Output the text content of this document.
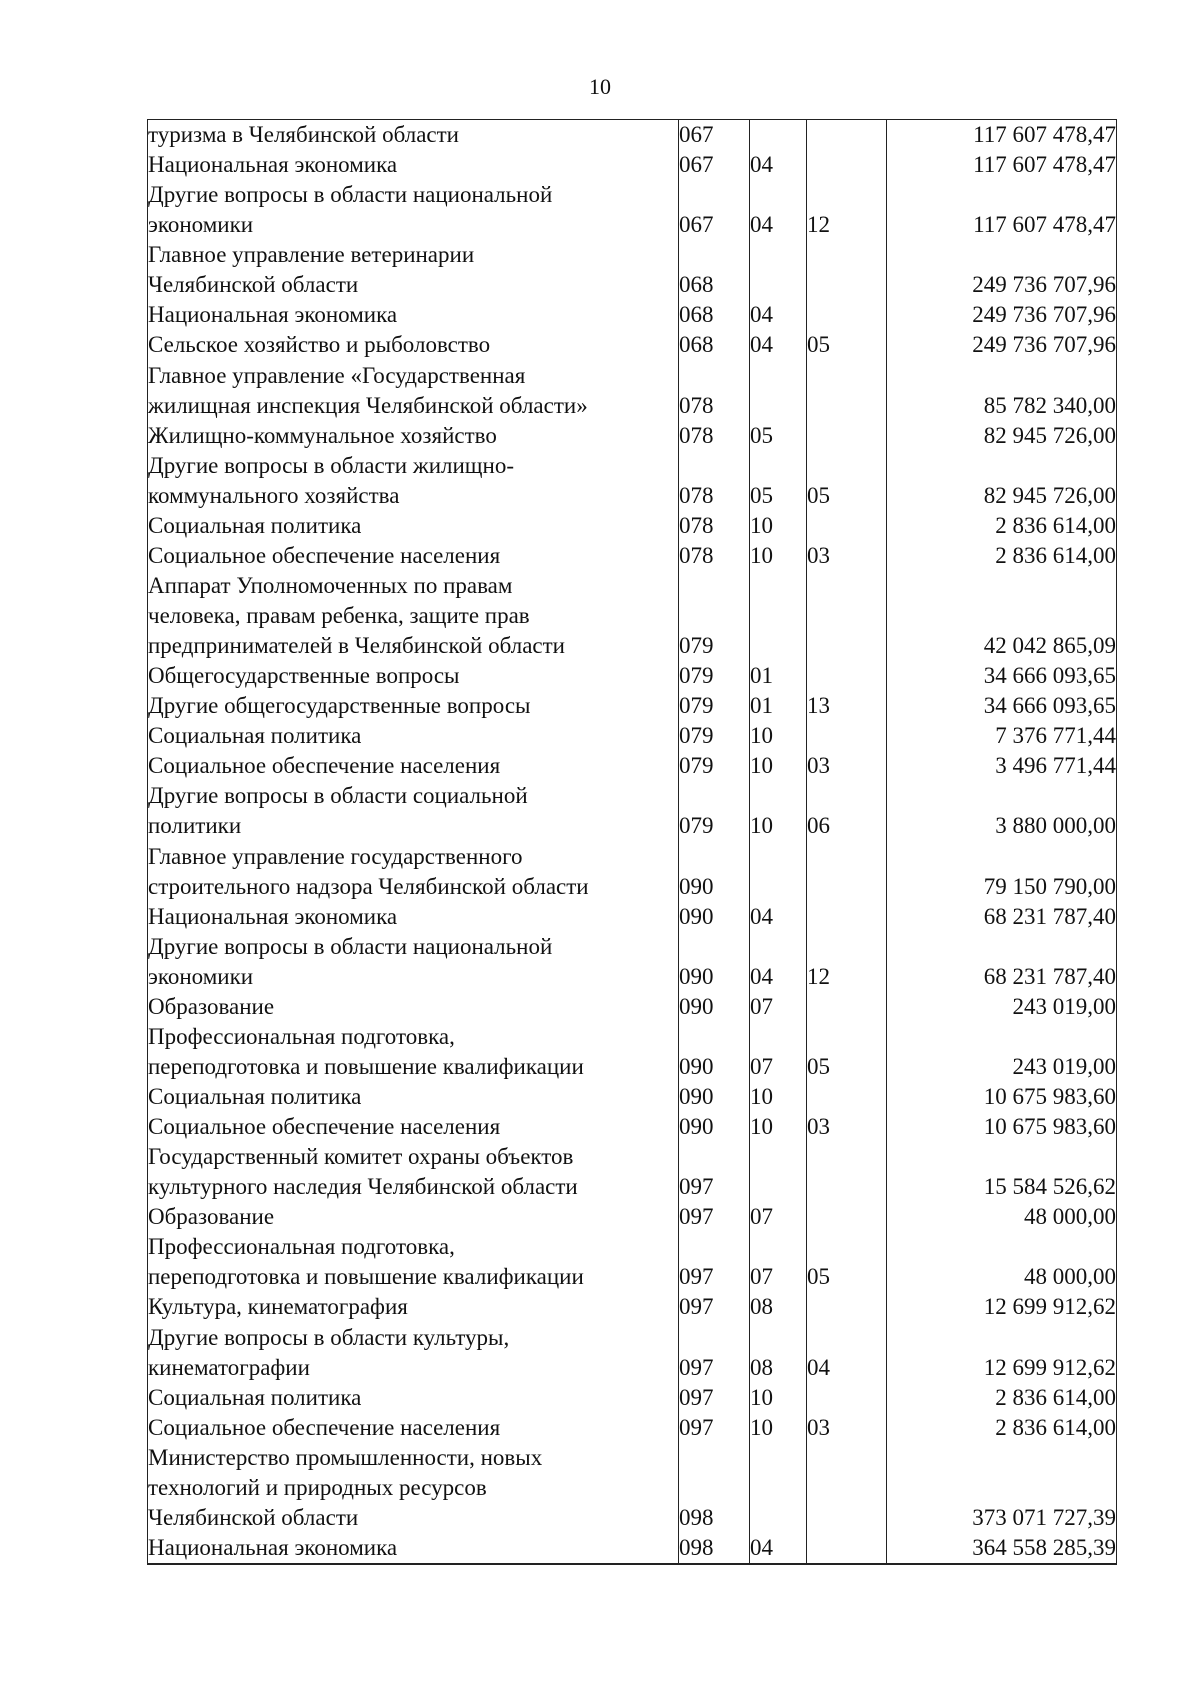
10
туризма в Челябинской области	067			117 607 478,47

Национальная экономика	067	04		117 607 478,47

Другие вопросы в области национальной
экономики	067	04	12	117 607 478,47

Главное управление ветеринарии
Челябинской области	068			249 736 707,96

Национальная экономика	068	04		249 736 707,96

Сельское хозяйство и рыболовство	068	04	05	249 736 707,96

Главное управление «Государственная
жилищная инспекция Челябинской области»	078			85 782 340,00

Жилищно-коммунальное хозяйство	078	05		82 945 726,00

Другие вопросы в области жилищно-
коммунального хозяйства	078	05	05	82 945 726,00

Социальная политика	078	10		2 836 614,00

Социальное обеспечение населения	078	10	03	2 836 614,00

Аппарат Уполномоченных по правам
человека, правам ребенка, защите прав
предпринимателей в Челябинской области	079			42 042 865,09

Общегосударственные вопросы	079	01		34 666 093,65

Другие общегосударственные вопросы	079	01	13	34 666 093,65

Социальная политика	079	10		7 376 771,44

Социальное обеспечение населения	079	10	03	3 496 771,44

Другие вопросы в области социальной
политики	079	10	06	3 880 000,00

Главное управление государственного
строительного надзора Челябинской области	090			79 150 790,00

Национальная экономика	090	04		68 231 787,40

Другие вопросы в области национальной
экономики	090	04	12	68 231 787,40

Образование	090	07		243 019,00

Профессиональная подготовка,
переподготовка и повышение квалификации	090	07	05	243 019,00

Социальная политика	090	10		10 675 983,60

Социальное обеспечение населения	090	10	03	10 675 983,60

Государственный комитет охраны объектов
культурного наследия Челябинской области	097			15 584 526,62

Образование	097	07		48 000,00

Профессиональная подготовка,
переподготовка и повышение квалификации	097	07	05	48 000,00

Культура, кинематография	097	08		12 699 912,62

Другие вопросы в области культуры,
кинематографии	097	08	04	12 699 912,62

Социальная политика	097	10		2 836 614,00

Социальное обеспечение населения	097	10	03	2 836 614,00

Министерство промышленности, новых
технологий и природных ресурсов
Челябинской области	098			373 071 727,39

Национальная экономика	098	04		364 558 285,39
